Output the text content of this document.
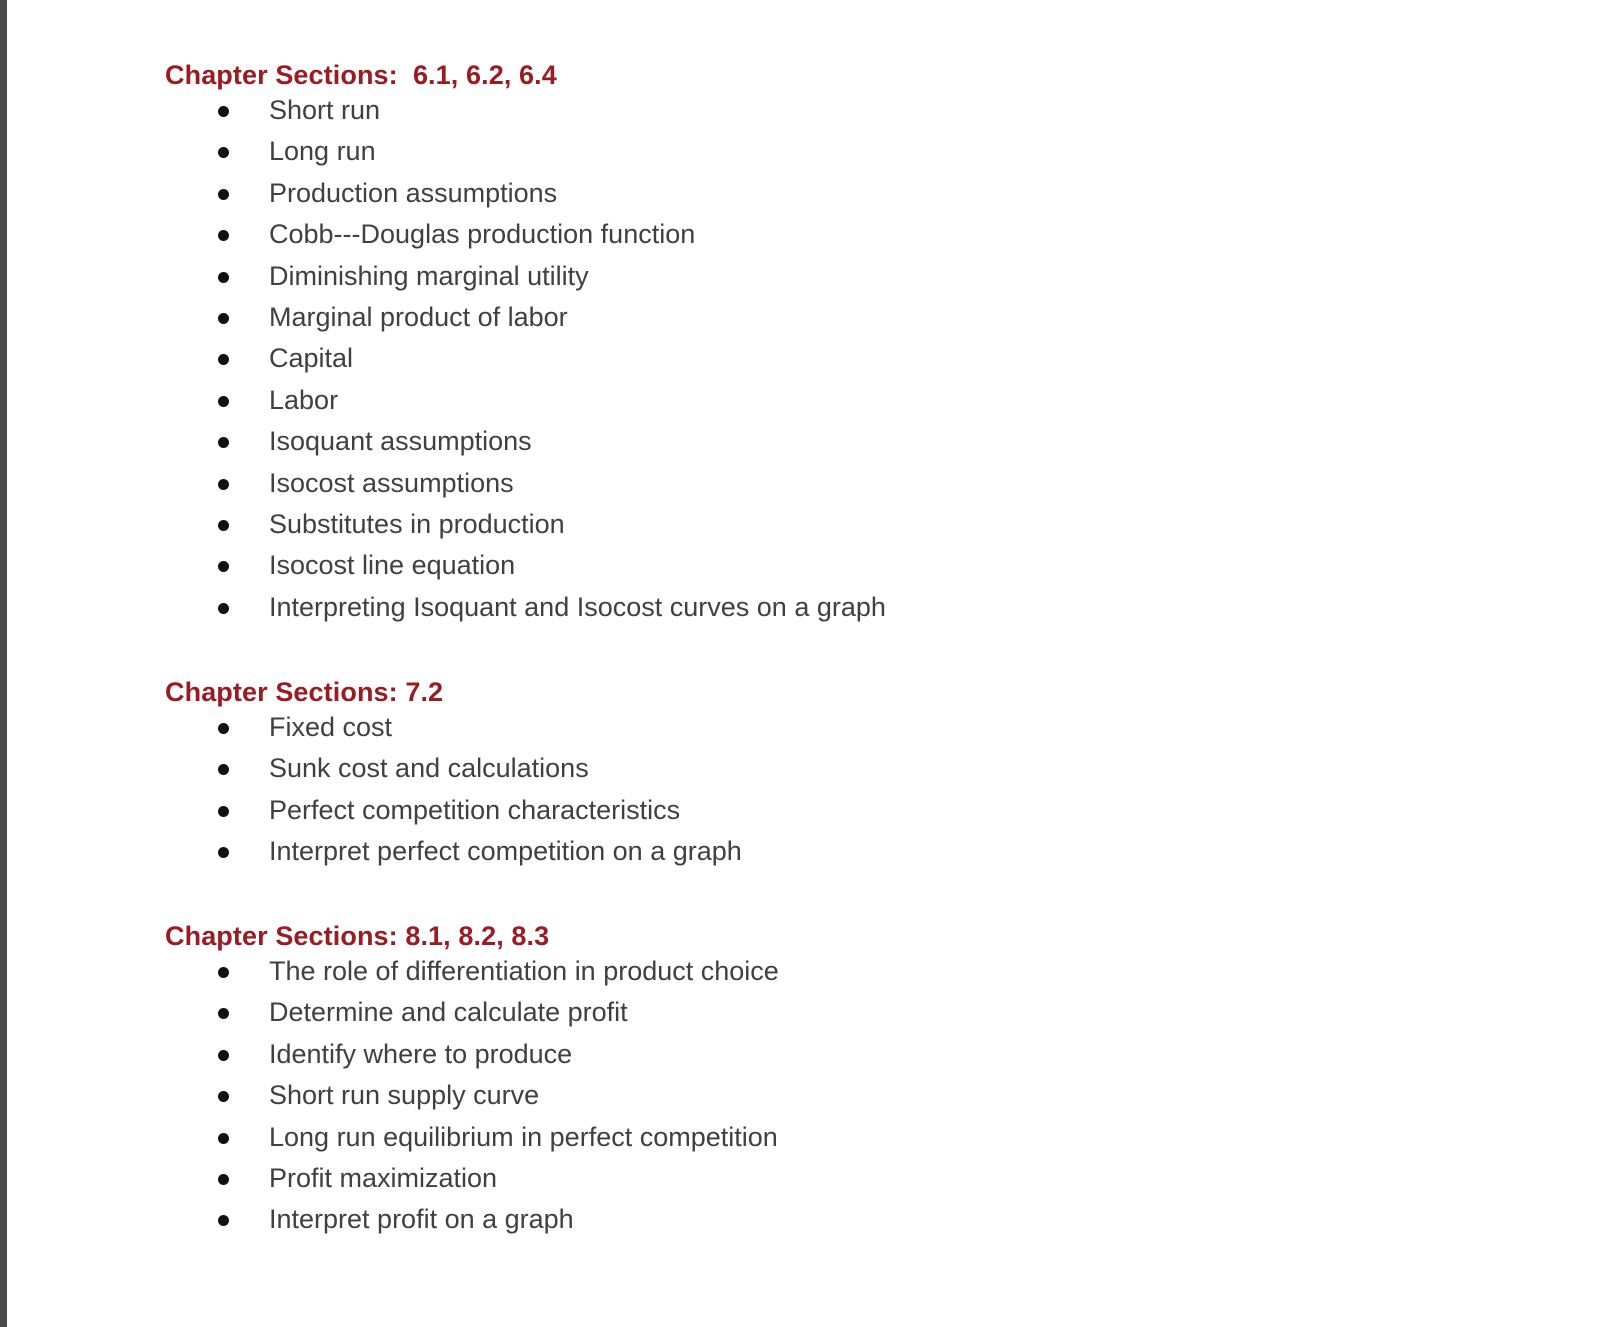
Chapter Sections:  6.1, 6.2, 6.4
Short run
Long run
Production assumptions
Cobb---Douglas production function
Diminishing marginal utility
Marginal product of labor
Capital
Labor
Isoquant assumptions
Isocost assumptions
Substitutes in production
Isocost line equation
Interpreting Isoquant and Isocost curves on a graph
Chapter Sections: 7.2
Fixed cost
Sunk cost and calculations
Perfect competition characteristics
Interpret perfect competition on a graph
Chapter Sections: 8.1, 8.2, 8.3
The role of differentiation in product choice
Determine and calculate profit
Identify where to produce
Short run supply curve
Long run equilibrium in perfect competition
Profit maximization
Interpret profit on a graph
